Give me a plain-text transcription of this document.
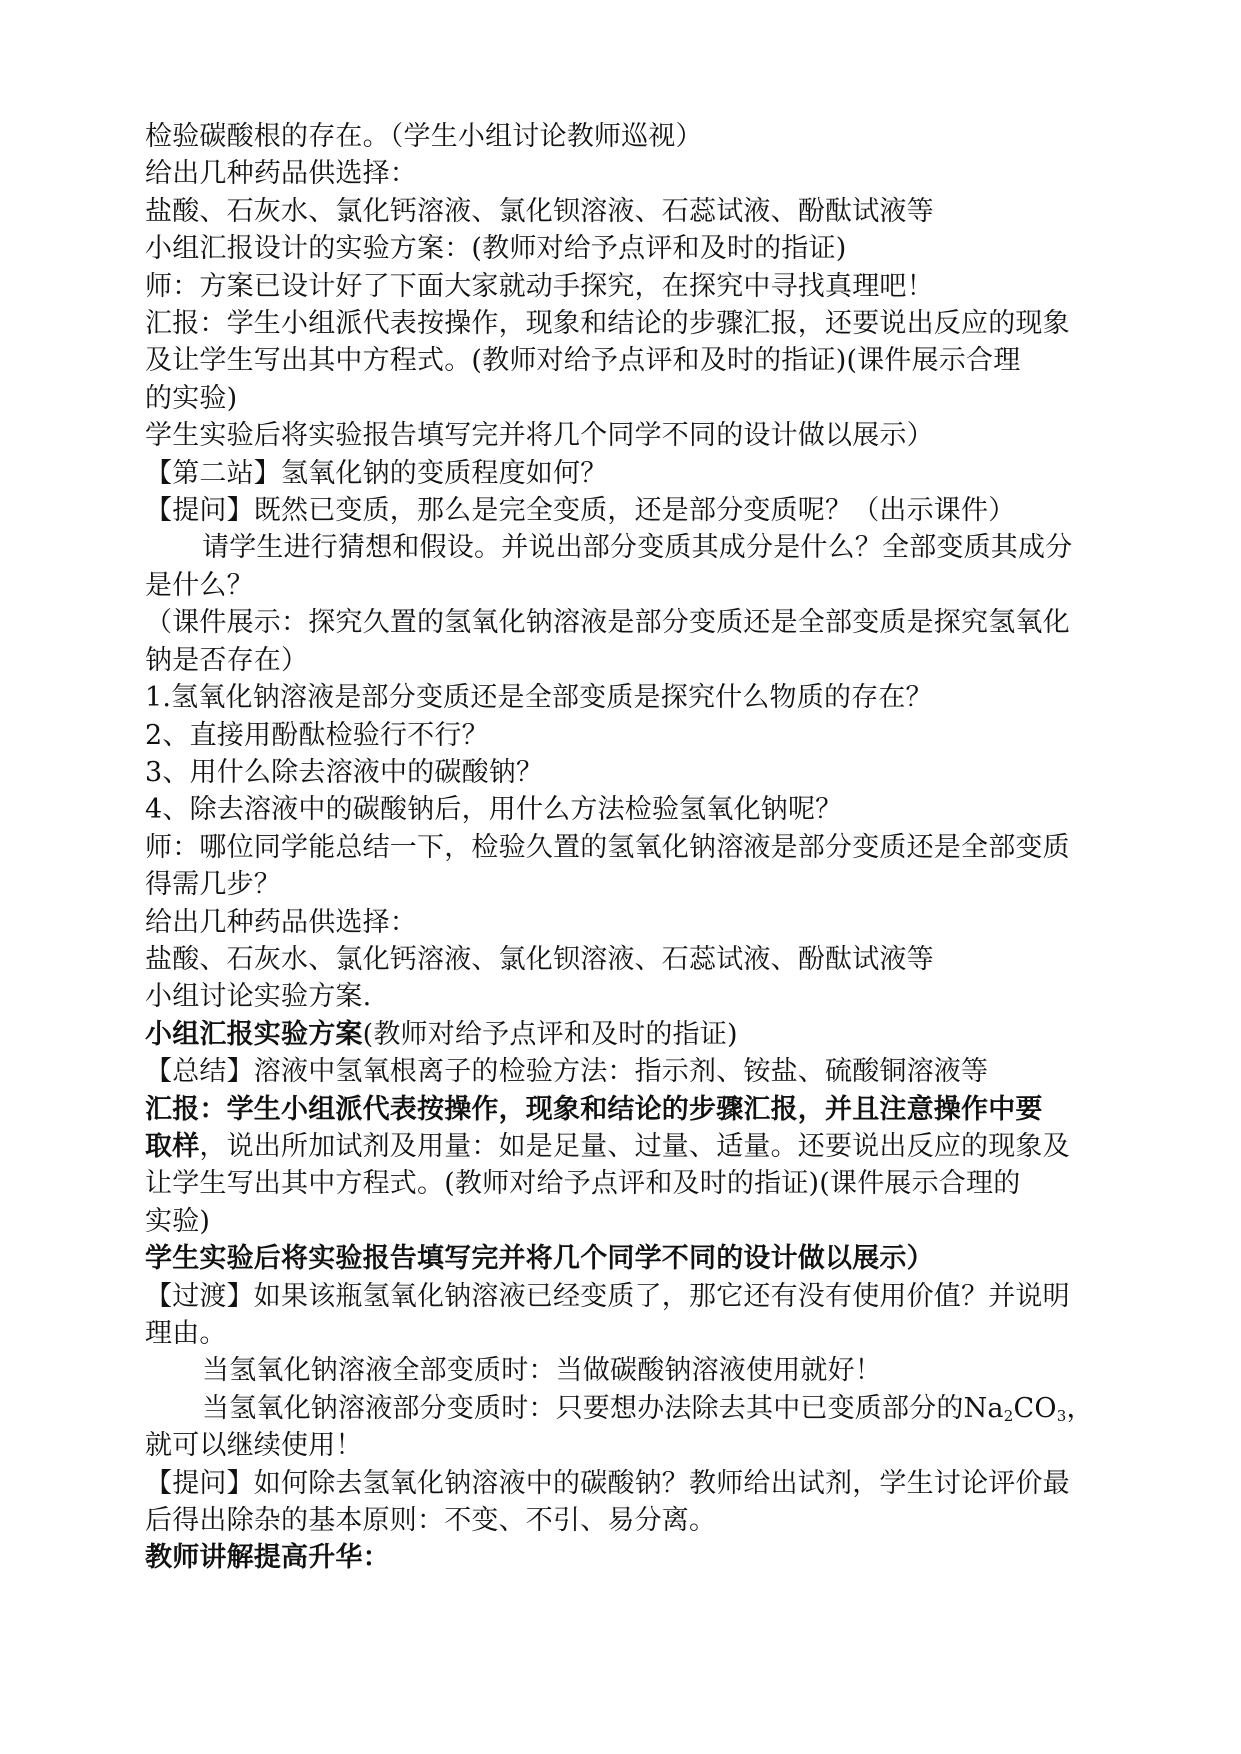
检验碳酸根的存在。（学生小组讨论教师巡视）
给出几种药品供选择：
盐酸、石灰水、氯化钙溶液、氯化钡溶液、石蕊试液、酚酞试液等
小组汇报设计的实验方案：(教师对给予点评和及时的指证)
师：方案已设计好了下面大家就动手探究，在探究中寻找真理吧！
汇报：学生小组派代表按操作，现象和结论的步骤汇报，还要说出反应的现象
及让学生写出其中方程式。(教师对给予点评和及时的指证)(课件展示合理
的实验)
学生实验后将实验报告填写完并将几个同学不同的设计做以展示）
【第二站】氢氧化钠的变质程度如何？
【提问】既然已变质，那么是完全变质，还是部分变质呢？（出示课件）
请学生进行猜想和假设。并说出部分变质其成分是什么？全部变质其成分
是什么？
（课件展示：探究久置的氢氧化钠溶液是部分变质还是全部变质是探究氢氧化
钠是否存在）
1.氢氧化钠溶液是部分变质还是全部变质是探究什么物质的存在？
2、直接用酚酞检验行不行？
3、用什么除去溶液中的碳酸钠？
4、除去溶液中的碳酸钠后，用什么方法检验氢氧化钠呢？
师：哪位同学能总结一下，检验久置的氢氧化钠溶液是部分变质还是全部变质
得需几步？
给出几种药品供选择：
盐酸、石灰水、氯化钙溶液、氯化钡溶液、石蕊试液、酚酞试液等
小组讨论实验方案.
小组汇报实验方案(教师对给予点评和及时的指证)
【总结】溶液中氢氧根离子的检验方法：指示剂、铵盐、硫酸铜溶液等
汇报：学生小组派代表按操作，现象和结论的步骤汇报，并且注意操作中要
取样，说出所加试剂及用量：如是足量、过量、适量。还要说出反应的现象及
让学生写出其中方程式。(教师对给予点评和及时的指证)(课件展示合理的
实验)
学生实验后将实验报告填写完并将几个同学不同的设计做以展示）
【过渡】如果该瓶氢氧化钠溶液已经变质了，那它还有没有使用价值？并说明
理由。
当氢氧化钠溶液全部变质时：当做碳酸钠溶液使用就好！
当氢氧化钠溶液部分变质时：只要想办法除去其中已变质部分的$Na_2CO_3$，
就可以继续使用！
【提问】如何除去氢氧化钠溶液中的碳酸钠？教师给出试剂，学生讨论评价最
后得出除杂的基本原则：不变、不引、易分离。
教师讲解提高升华：
